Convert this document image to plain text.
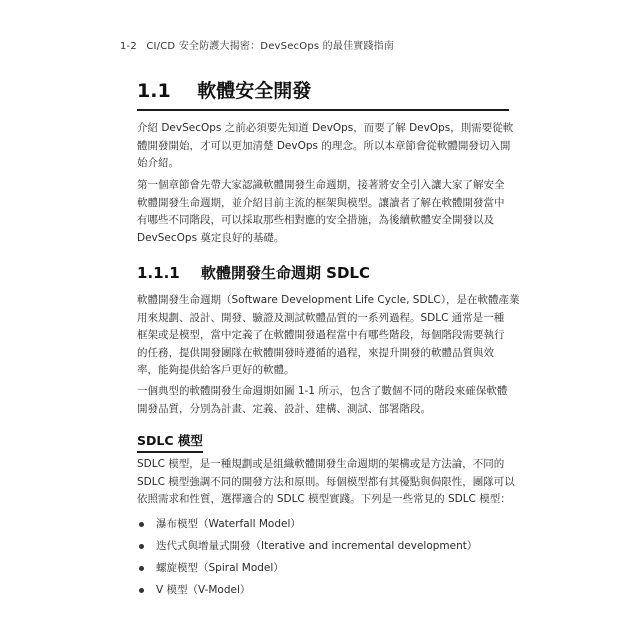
1-2 CI/CD 安全防護大揭密：DevSecOps 的最佳實踐指南
1.1 軟體安全開發
介紹 DevSecOps 之前必須要先知道 DevOps，而要了解 DevOps，則需要從軟
體開發開始，才可以更加清楚 DevOps 的理念。所以本章節會從軟體開發切入開
始介紹。
第一個章節會先帶大家認識軟體開發生命週期，接著將安全引入讓大家了解安全
軟體開發生命週期，並介紹目前主流的框架與模型。讓讀者了解在軟體開發當中
有哪些不同階段，可以採取那些相對應的安全措施，為後續軟體安全開發以及
DevSecOps 奠定良好的基礎。
1.1.1 軟體開發生命週期 SDLC
軟體開發生命週期（Software Development Life Cycle, SDLC），是在軟體產業
用來規劃、設計、開發、驗證及測試軟體品質的一系列過程。SDLC 通常是一種
框架或是模型，當中定義了在軟體開發過程當中有哪些階段，每個階段需要執行
的任務，提供開發團隊在軟體開發時遵循的過程，來提升開發的軟體品質與效
率，能夠提供給客戶更好的軟體。
一個典型的軟體開發生命週期如圖 1-1 所示，包含了數個不同的階段來確保軟體
開發品質，分別為計畫、定義、設計、建構、測試、部署階段。
SDLC 模型
SDLC 模型，是一種規劃或是組織軟體開發生命週期的架構或是方法論，不同的
SDLC 模型強調不同的開發方法和原則。每個模型都有其優點與侷限性，團隊可以
依照需求和性質，選擇適合的 SDLC 模型實踐。下列是一些常見的 SDLC 模型：
瀑布模型（Waterfall Model）
迭代式與增量式開發（Iterative and incremental development）
螺旋模型（Spiral Model）
V 模型（V-Model）
